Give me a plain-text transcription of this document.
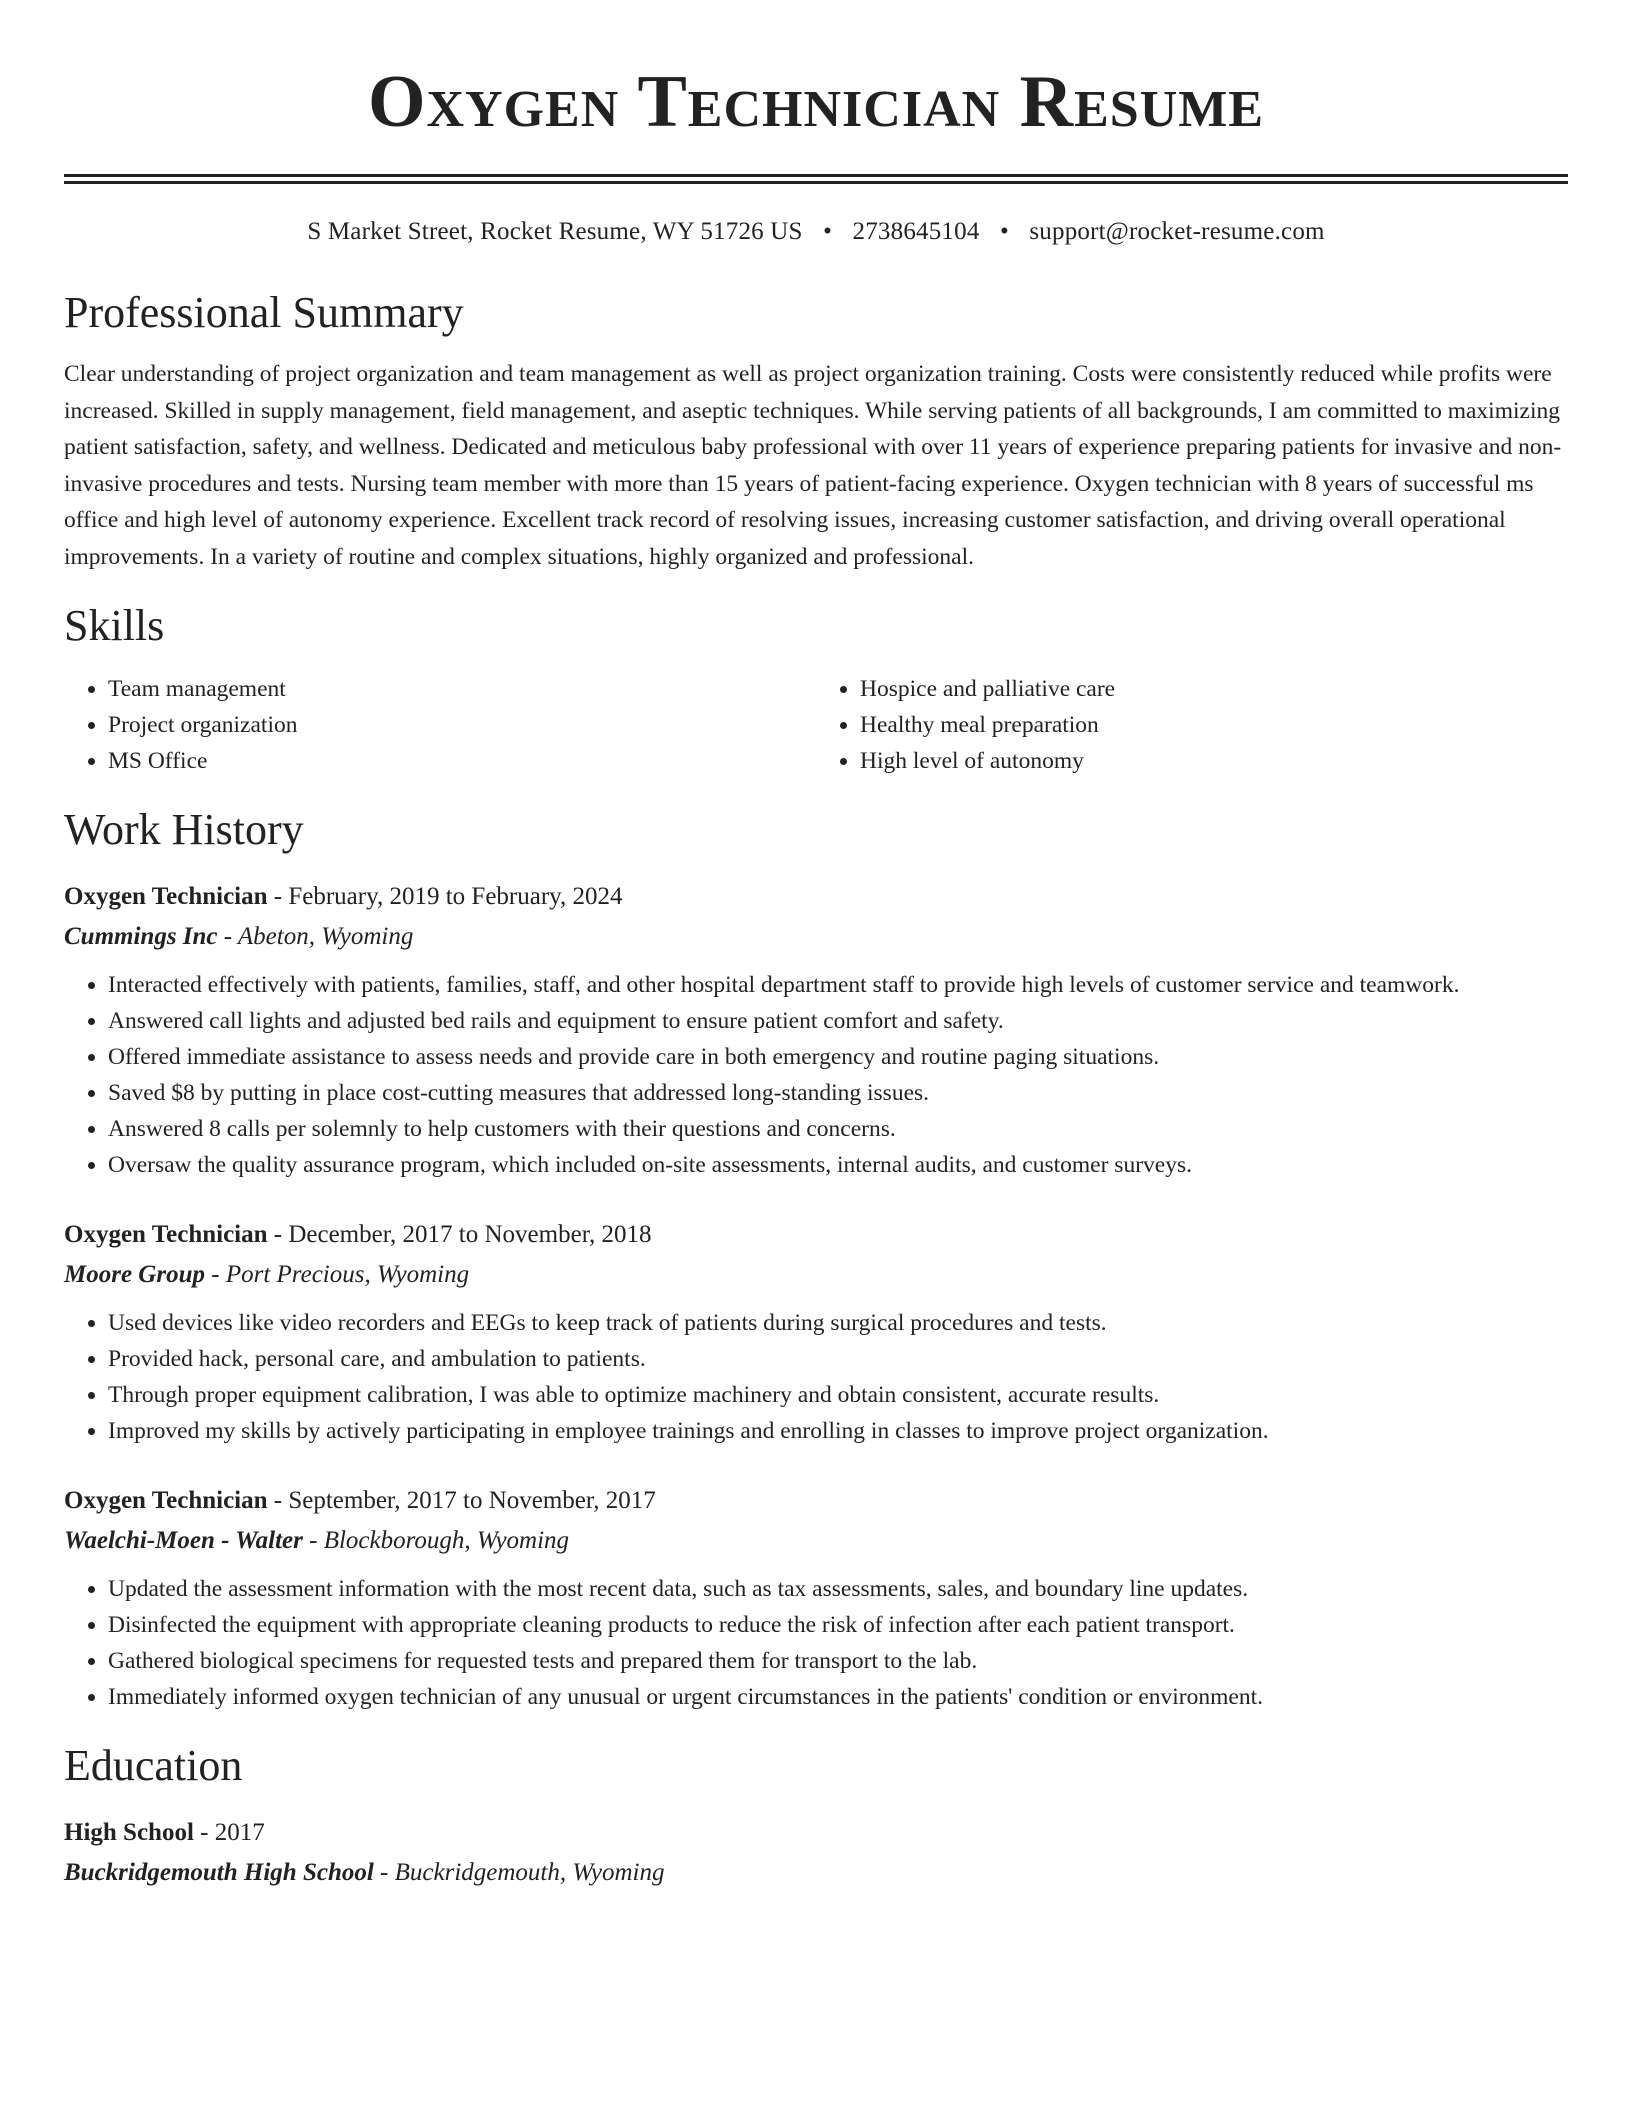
Oxygen Technician Resume
S Market Street, Rocket Resume, WY 51726 US • 2738645104 • support@rocket-resume.com
Professional Summary

Clear understanding of project organization and team management as well as project organization training. Costs were consistently reduced while profits were increased. Skilled in supply management, field management, and aseptic techniques. While serving patients of all backgrounds, I am committed to maximizing patient satisfaction, safety, and wellness. Dedicated and meticulous baby professional with over 11 years of experience preparing patients for invasive and non-invasive procedures and tests. Nursing team member with more than 15 years of patient-facing experience. Oxygen technician with 8 years of successful ms office and high level of autonomy experience. Excellent track record of resolving issues, increasing customer satisfaction, and driving overall operational improvements. In a variety of routine and complex situations, highly organized and professional.

Skills
• Team management
• Project organization
• MS Office
• Hospice and palliative care
• Healthy meal preparation
• High level of autonomy
Work History
Oxygen Technician - February, 2019 to February, 2024
Cummings Inc - Abeton, Wyoming
• Interacted effectively with patients, families, staff, and other hospital department staff to provide high levels of customer service and teamwork.
• Answered call lights and adjusted bed rails and equipment to ensure patient comfort and safety.
• Offered immediate assistance to assess needs and provide care in both emergency and routine paging situations.
• Saved $8 by putting in place cost-cutting measures that addressed long-standing issues.
• Answered 8 calls per solemnly to help customers with their questions and concerns.
• Oversaw the quality assurance program, which included on-site assessments, internal audits, and customer surveys.
Oxygen Technician - December, 2017 to November, 2018
Moore Group - Port Precious, Wyoming
• Used devices like video recorders and EEGs to keep track of patients during surgical procedures and tests.
• Provided hack, personal care, and ambulation to patients.
• Through proper equipment calibration, I was able to optimize machinery and obtain consistent, accurate results.
• Improved my skills by actively participating in employee trainings and enrolling in classes to improve project organization.
Oxygen Technician - September, 2017 to November, 2017
Waelchi-Moen - Walter - Blockborough, Wyoming
• Updated the assessment information with the most recent data, such as tax assessments, sales, and boundary line updates.
• Disinfected the equipment with appropriate cleaning products to reduce the risk of infection after each patient transport.
• Gathered biological specimens for requested tests and prepared them for transport to the lab.
• Immediately informed oxygen technician of any unusual or urgent circumstances in the patients' condition or environment.
Education
High School - 2017
Buckridgemouth High School - Buckridgemouth, Wyoming
